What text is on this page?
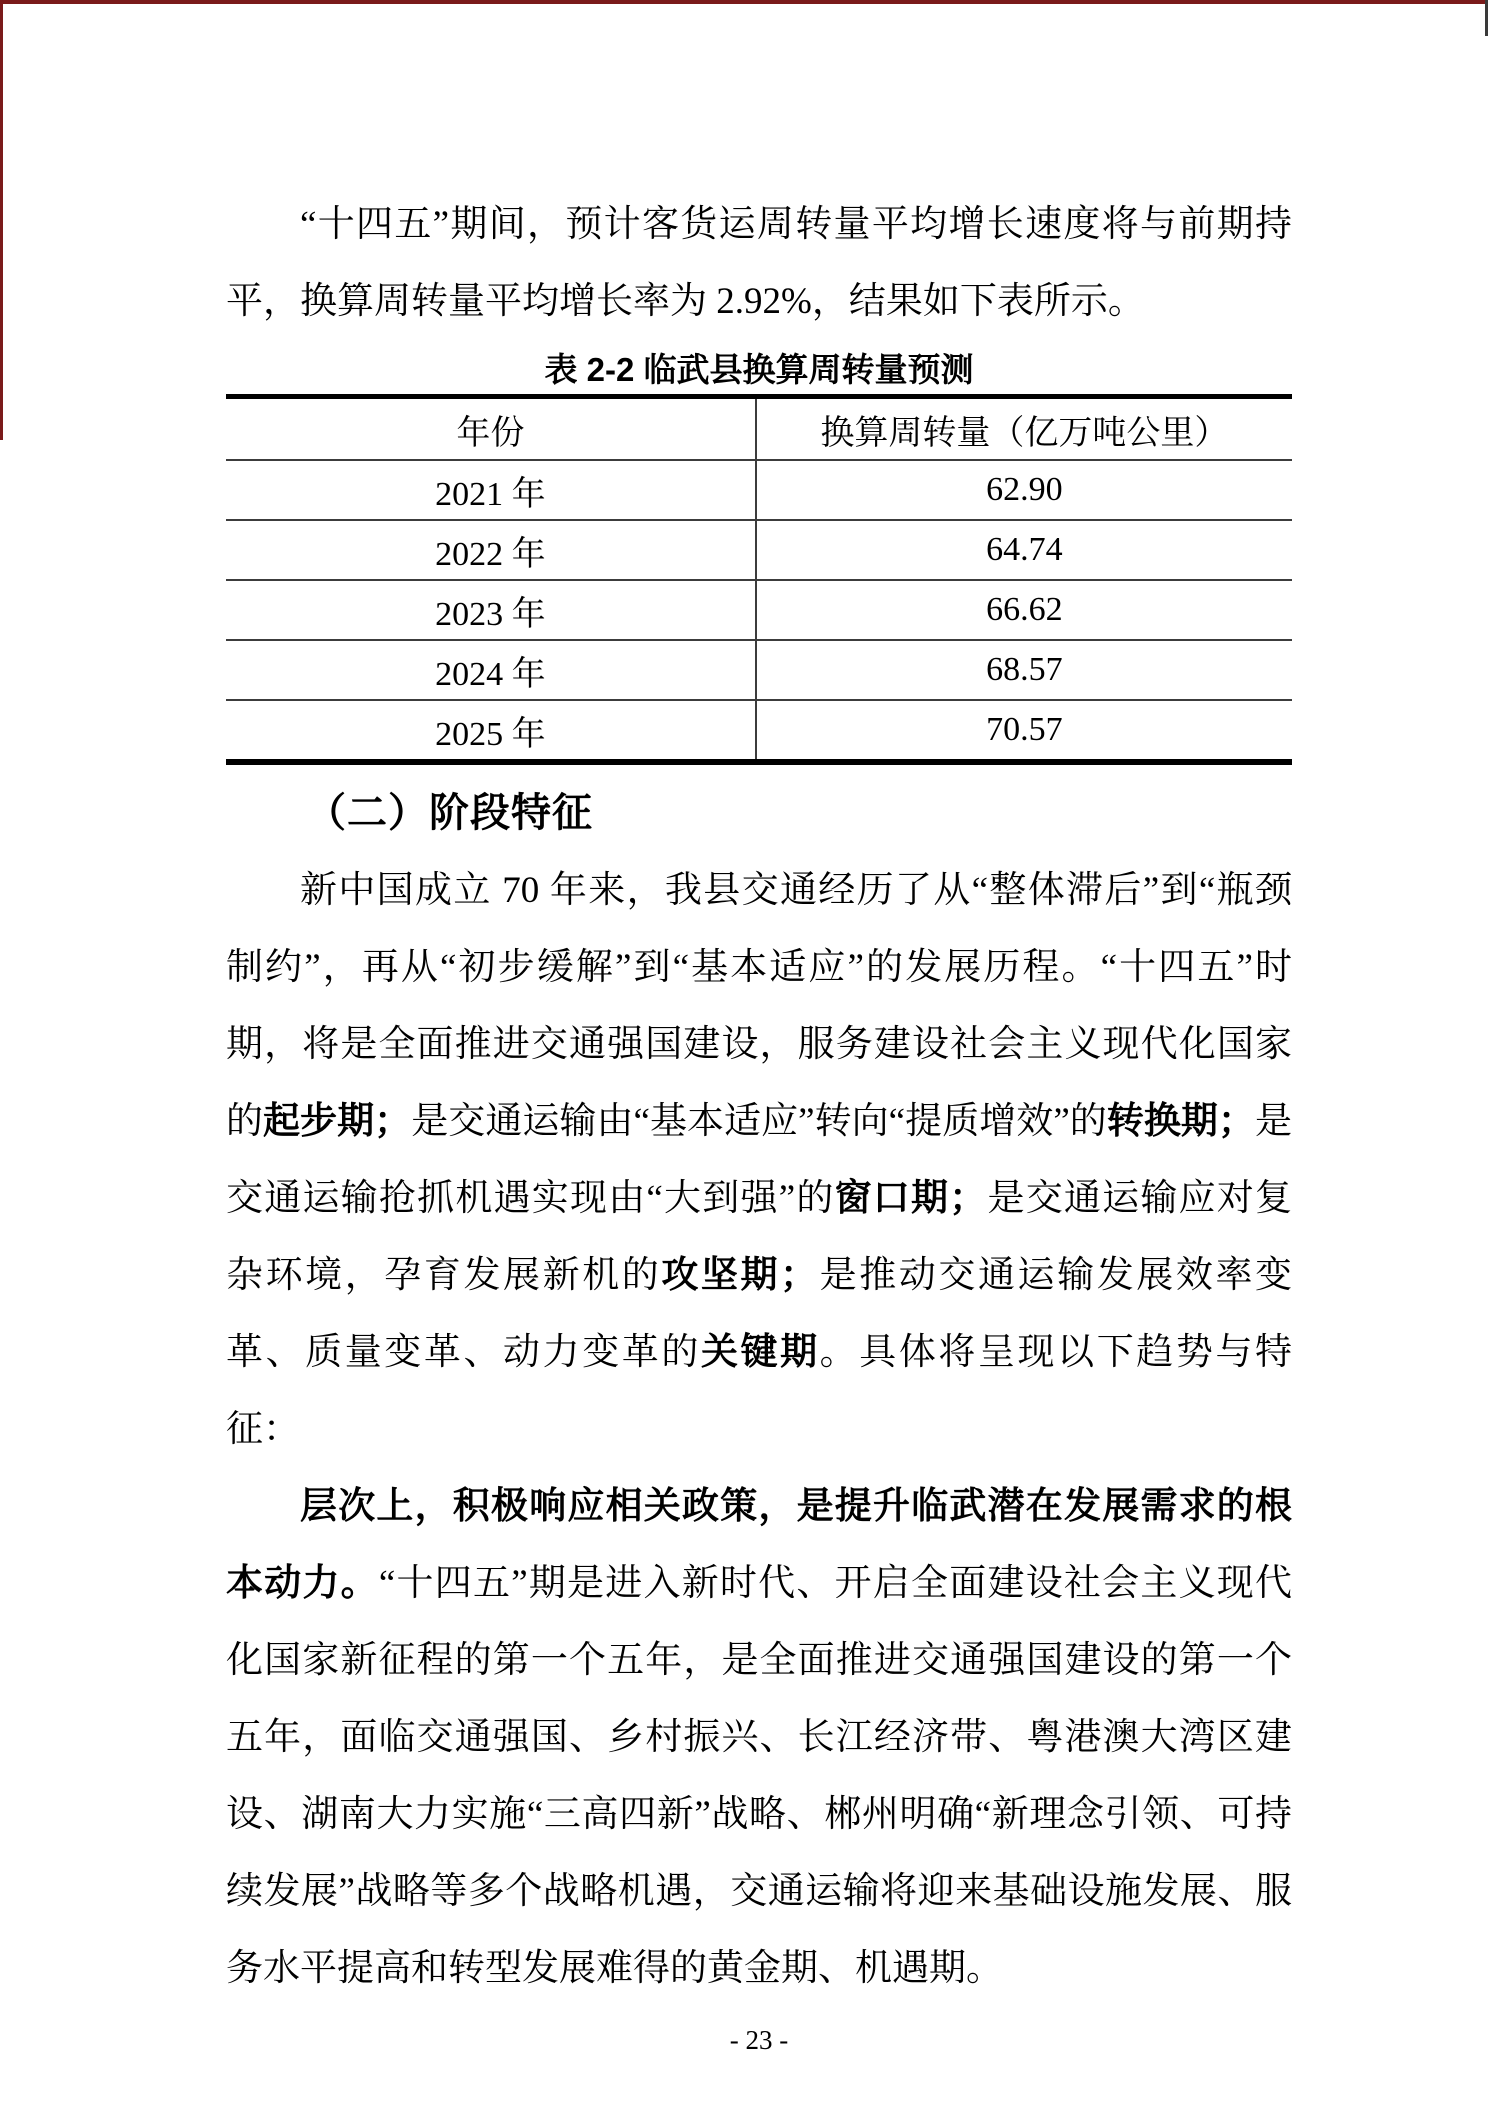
“十四五”期间，预计客货运周转量平均增长速度将与前期持平，换算周转量平均增长率为 2.92%，结果如下表所示。

表 2-2 临武县换算周转量预测
年份	换算周转量（亿万吨公里）
2021 年	62.90
2022 年	64.74
2023 年	66.62
2024 年	68.57
2025 年	70.57
（二）阶段特征

新中国成立 70 年来，我县交通经历了从“整体滞后”到“瓶颈制约”，再从“初步缓解”到“基本适应”的发展历程。“十四五”时期，将是全面推进交通强国建设，服务建设社会主义现代化国家的起步期；是交通运输由“基本适应”转向“提质增效”的转换期；是交通运输抢抓机遇实现由“大到强”的窗口期；是交通运输应对复杂环境，孕育发展新机的攻坚期；是推动交通运输发展效率变革、质量变革、动力变革的关键期。具体将呈现以下趋势与特征：

层次上，积极响应相关政策，是提升临武潜在发展需求的根本动力。“十四五”期是进入新时代、开启全面建设社会主义现代化国家新征程的第一个五年，是全面推进交通强国建设的第一个五年，面临交通强国、乡村振兴、长江经济带、粤港澳大湾区建设、湖南大力实施“三高四新”战略、郴州明确“新理念引领、可持续发展”战略等多个战略机遇，交通运输将迎来基础设施发展、服务水平提高和转型发展难得的黄金期、机遇期。

- 23 -
